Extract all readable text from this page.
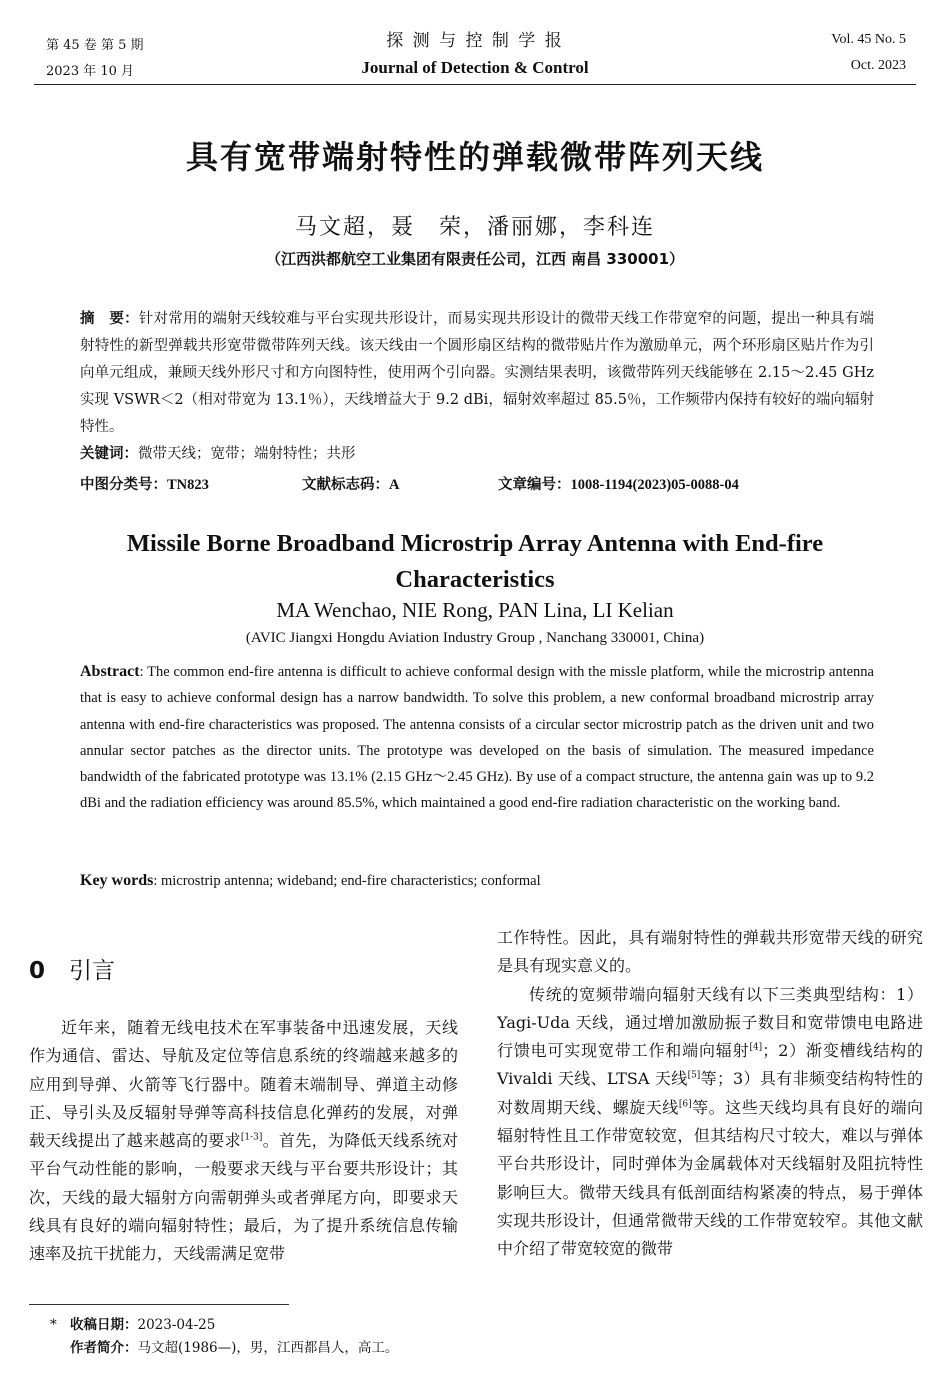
第 45 卷 第 5 期
2023 年 10 月
探 测 与 控 制 学 报
Journal of Detection & Control
Vol. 45 No. 5
Oct. 2023
具有宽带端射特性的弹载微带阵列天线
马文超，聂　荣，潘丽娜，李科连
（江西洪都航空工业集团有限责任公司，江西 南昌 330001）
摘　要：针对常用的端射天线较难与平台实现共形设计，而易实现共形设计的微带天线工作带宽窄的问题，提出一种具有端射特性的新型弹载共形宽带微带阵列天线。该天线由一个圆形扇区结构的微带贴片作为激励单元，两个环形扇区贴片作为引向单元组成，兼顾天线外形尺寸和方向图特性，使用两个引向器。实测结果表明，该微带阵列天线能够在 2.15～2.45 GHz 实现 VSWR＜2（相对带宽为 13.1％），天线增益大于 9.2 dBi，辐射效率超过 85.5％，工作频带内保持有较好的端向辐射特性。
关键词：微带天线；宽带；端射特性；共形
中图分类号：TN823	文献标志码：A	文章编号：1008-1194(2023)05-0088-04
Missile Borne Broadband Microstrip Array Antenna with End-fire Characteristics
MA Wenchao, NIE Rong, PAN Lina, LI Kelian
(AVIC Jiangxi Hongdu Aviation Industry Group , Nanchang 330001, China)
Abstract: The common end-fire antenna is difficult to achieve conformal design with the missle platform, while the microstrip antenna that is easy to achieve conformal design has a narrow bandwidth. To solve this problem, a new conformal broadband microstrip array antenna with end-fire characteristics was proposed. The antenna consists of a circular sector microstrip patch as the driven unit and two annular sector patches as the director units. The prototype was developed on the basis of simulation. The measured impedance bandwidth of the fabricated prototype was 13.1% (2.15 GHz～2.45 GHz). By use of a compact structure, the antenna gain was up to 9.2 dBi and the radiation efficiency was around 85.5%, which maintained a good end-fire radiation characteristic on the working band.
Key words: microstrip antenna; wideband; end-fire characteristics; conformal
0 引言

近年来，随着无线电技术在军事装备中迅速发展，天线作为通信、雷达、导航及定位等信息系统的终端越来越多的应用到导弹、火箭等飞行器中。随着末端制导、弹道主动修正、导引头及反辐射导弹等高科技信息化弹药的发展，对弹载天线提出了越来越高的要求[1-3]。首先，为降低天线系统对平台气动性能的影响，一般要求天线与平台要共形设计；其次，天线的最大辐射方向需朝弹头或者弹尾方向，即要求天线具有良好的端向辐射特性；最后，为了提升系统信息传输速率及抗干扰能力，天线需满足宽带

工作特性。因此，具有端射特性的弹载共形宽带天线的研究是具有现实意义的。

传统的宽频带端向辐射天线有以下三类典型结构：1）Yagi-Uda 天线，通过增加激励振子数目和宽带馈电电路进行馈电可实现宽带工作和端向辐射[4]；2）渐变槽线结构的 Vivaldi 天线、LTSA 天线[5]等；3）具有非频变结构特性的对数周期天线、螺旋天线[6]等。这些天线均具有良好的端向辐射特性且工作带宽较宽，但其结构尺寸较大，难以与弹体平台共形设计，同时弹体为金属载体对天线辐射及阻抗特性影响巨大。微带天线具有低剖面结构紧凑的特点，易于弹体实现共形设计，但通常微带天线的工作带宽较窄。其他文献中介绍了带宽较宽的微带

* 收稿日期：2023-04-25
作者简介：马文超(1986—)，男，江西都昌人，高工。
